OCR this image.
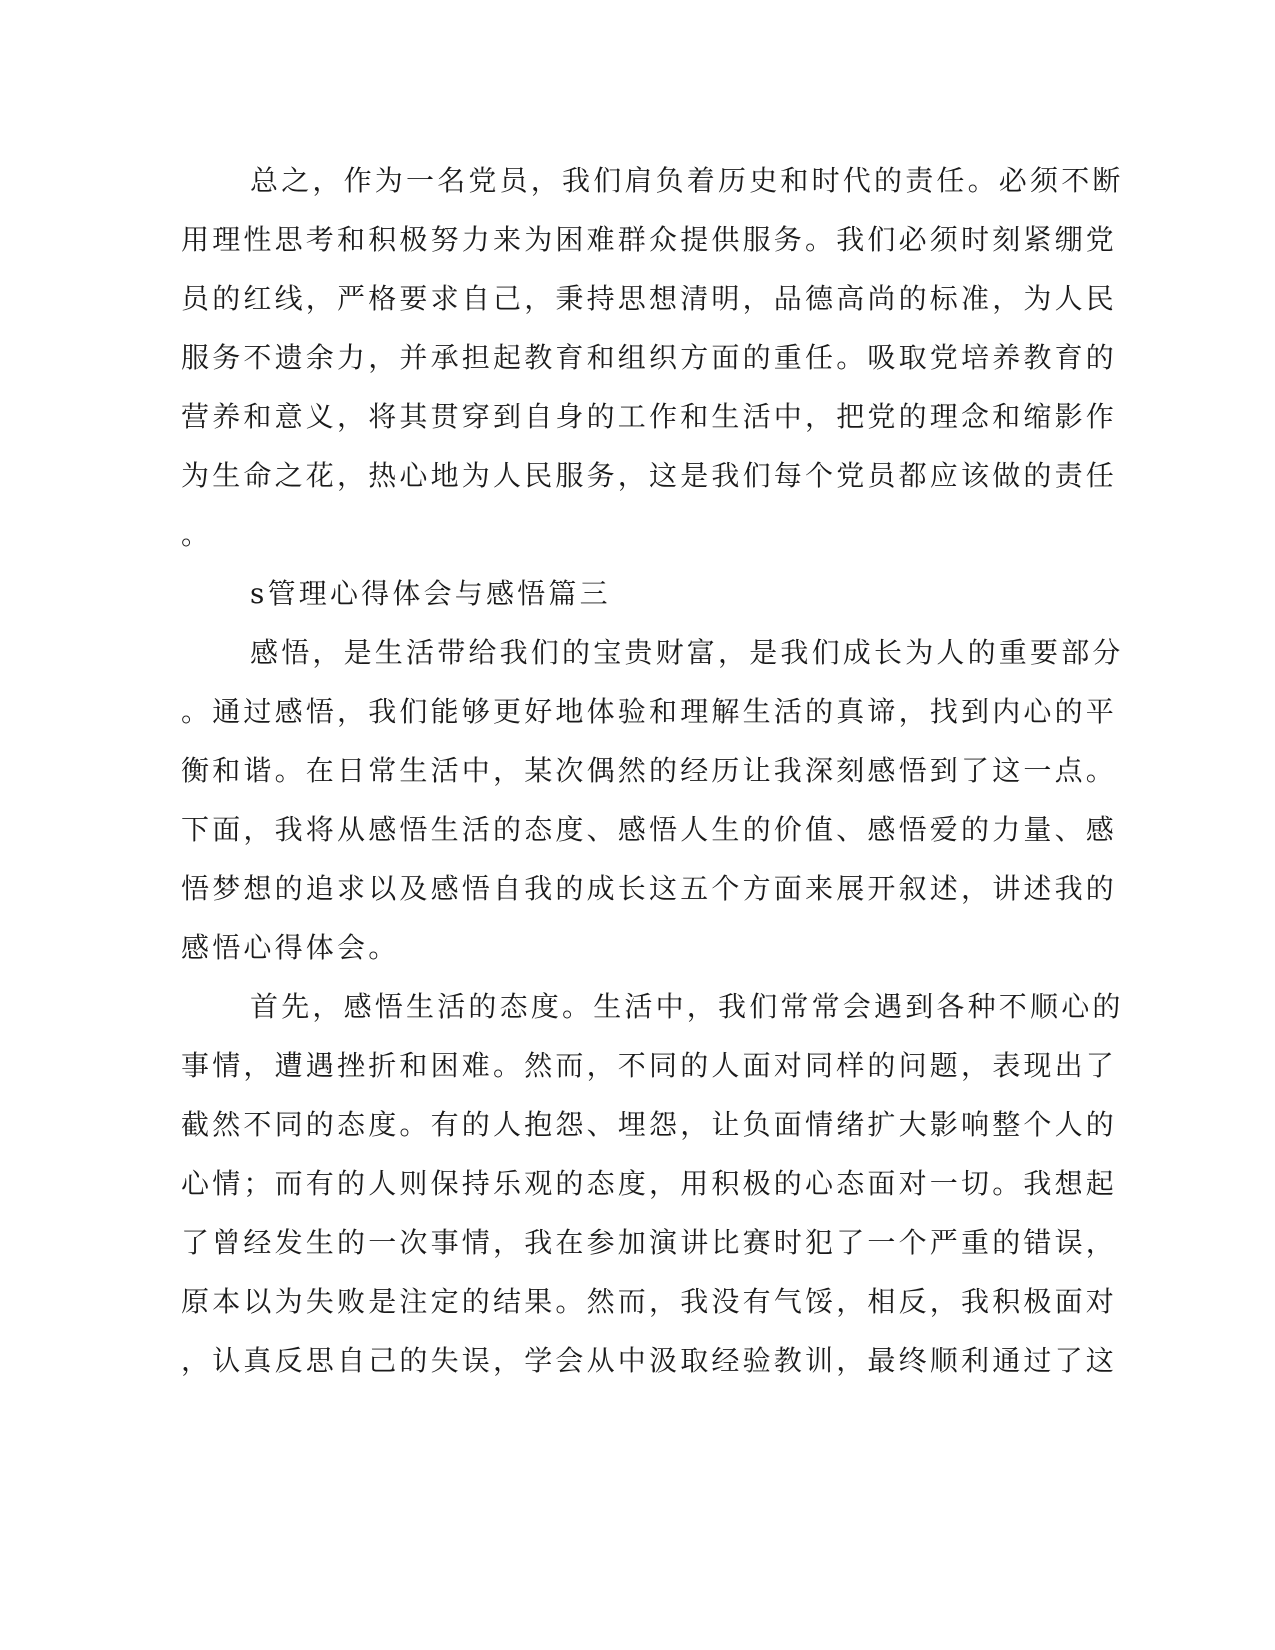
总之，作为一名党员，我们肩负着历史和时代的责任。必须不断
用理性思考和积极努力来为困难群众提供服务。我们必须时刻紧绷党
员的红线，严格要求自己，秉持思想清明，品德高尚的标准，为人民
服务不遗余力，并承担起教育和组织方面的重任。吸取党培养教育的
营养和意义，将其贯穿到自身的工作和生活中，把党的理念和缩影作
为生命之花，热心地为人民服务，这是我们每个党员都应该做的责任
。
s管理心得体会与感悟篇三
感悟，是生活带给我们的宝贵财富，是我们成长为人的重要部分
。通过感悟，我们能够更好地体验和理解生活的真谛，找到内心的平
衡和谐。在日常生活中，某次偶然的经历让我深刻感悟到了这一点。
下面，我将从感悟生活的态度、感悟人生的价值、感悟爱的力量、感
悟梦想的追求以及感悟自我的成长这五个方面来展开叙述，讲述我的
感悟心得体会。
首先，感悟生活的态度。生活中，我们常常会遇到各种不顺心的
事情，遭遇挫折和困难。然而，不同的人面对同样的问题，表现出了
截然不同的态度。有的人抱怨、埋怨，让负面情绪扩大影响整个人的
心情；而有的人则保持乐观的态度，用积极的心态面对一切。我想起
了曾经发生的一次事情，我在参加演讲比赛时犯了一个严重的错误，
原本以为失败是注定的结果。然而，我没有气馁，相反，我积极面对
，认真反思自己的失误，学会从中汲取经验教训，最终顺利通过了这
